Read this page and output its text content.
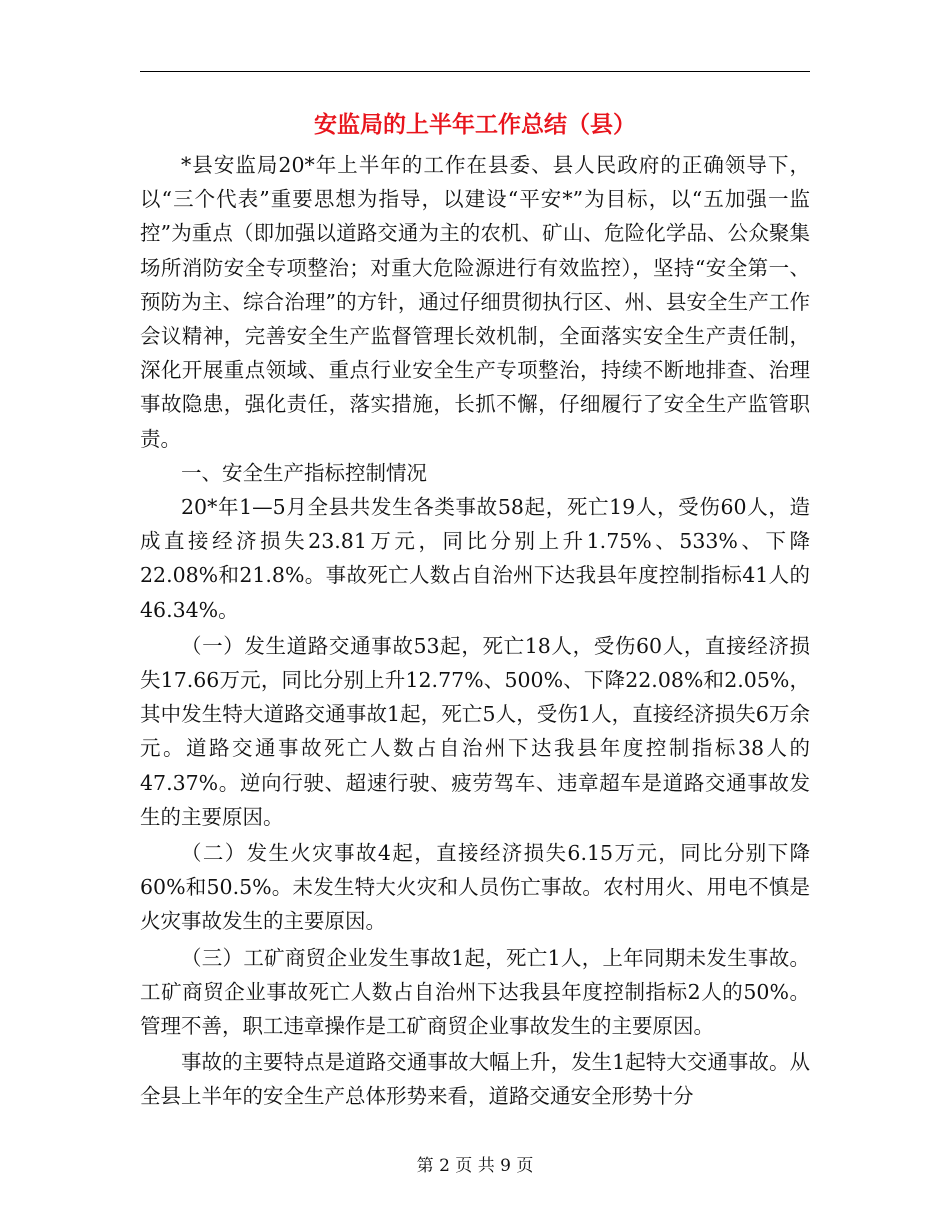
安监局的上半年工作总结（县）

*县安监局20*年上半年的工作在县委、县人民政府的正确领导下，以“三个代表”重要思想为指导，以建设“平安*”为目标，以“五加强一监控”为重点（即加强以道路交通为主的农机、矿山、危险化学品、公众聚集场所消防安全专项整治；对重大危险源进行有效监控），坚持“安全第一、预防为主、综合治理”的方针，通过仔细贯彻执行区、州、县安全生产工作会议精神，完善安全生产监督管理长效机制，全面落实安全生产责任制，深化开展重点领域、重点行业安全生产专项整治，持续不断地排查、治理事故隐患，强化责任，落实措施，长抓不懈，仔细履行了安全生产监管职责。

一、安全生产指标控制情况

20*年1—5月全县共发生各类事故58起，死亡19人，受伤60人，造成直接经济损失23.81万元，同比分别上升1.75%、533%、下降22.08%和21.8%。事故死亡人数占自治州下达我县年度控制指标41人的46.34%。

（一）发生道路交通事故53起，死亡18人，受伤60人，直接经济损失17.66万元，同比分别上升12.77%、500%、下降22.08%和2.05%，其中发生特大道路交通事故1起，死亡5人，受伤1人，直接经济损失6万余元。道路交通事故死亡人数占自治州下达我县年度控制指标38人的47.37%。逆向行驶、超速行驶、疲劳驾车、违章超车是道路交通事故发生的主要原因。

（二）发生火灾事故4起，直接经济损失6.15万元，同比分别下降60%和50.5%。未发生特大火灾和人员伤亡事故。农村用火、用电不慎是火灾事故发生的主要原因。

（三）工矿商贸企业发生事故1起，死亡1人，上年同期未发生事故。工矿商贸企业事故死亡人数占自治州下达我县年度控制指标2人的50%。管理不善，职工违章操作是工矿商贸企业事故发生的主要原因。

事故的主要特点是道路交通事故大幅上升，发生1起特大交通事故。从全县上半年的安全生产总体形势来看，道路交通安全形势十分

第 2 页 共 9 页
